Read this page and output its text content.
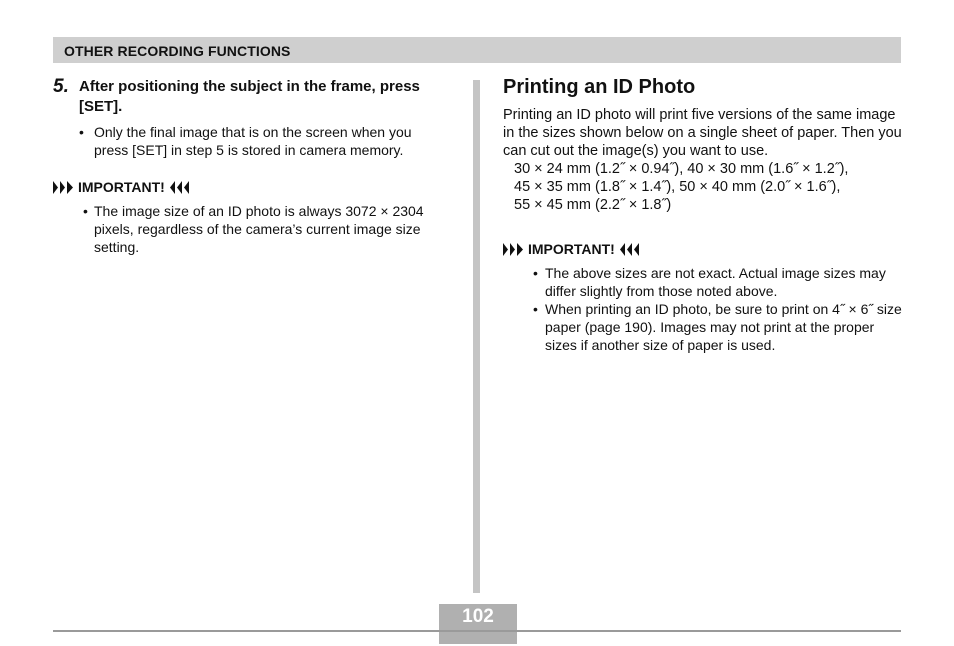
OTHER RECORDING FUNCTIONS
5. After positioning the subject in the frame, press [SET].
• Only the final image that is on the screen when you press [SET] in step 5 is stored in camera memory.
IMPORTANT!
• The image size of an ID photo is always 3072 × 2304 pixels, regardless of the camera’s current image size setting.
Printing an ID Photo
Printing an ID photo will print five versions of the same image in the sizes shown below on a single sheet of paper. Then you can cut out the image(s) you want to use.
30 × 24 mm (1.2˝ × 0.94˝), 40 × 30 mm (1.6˝ × 1.2˝),
45 × 35 mm (1.8˝ × 1.4˝), 50 × 40 mm (2.0˝ × 1.6˝),
55 × 45 mm (2.2˝ × 1.8˝)
IMPORTANT!
• The above sizes are not exact. Actual image sizes may differ slightly from those noted above.
• When printing an ID photo, be sure to print on 4˝ × 6˝ size paper (page 190). Images may not print at the proper sizes if another size of paper is used.
102
